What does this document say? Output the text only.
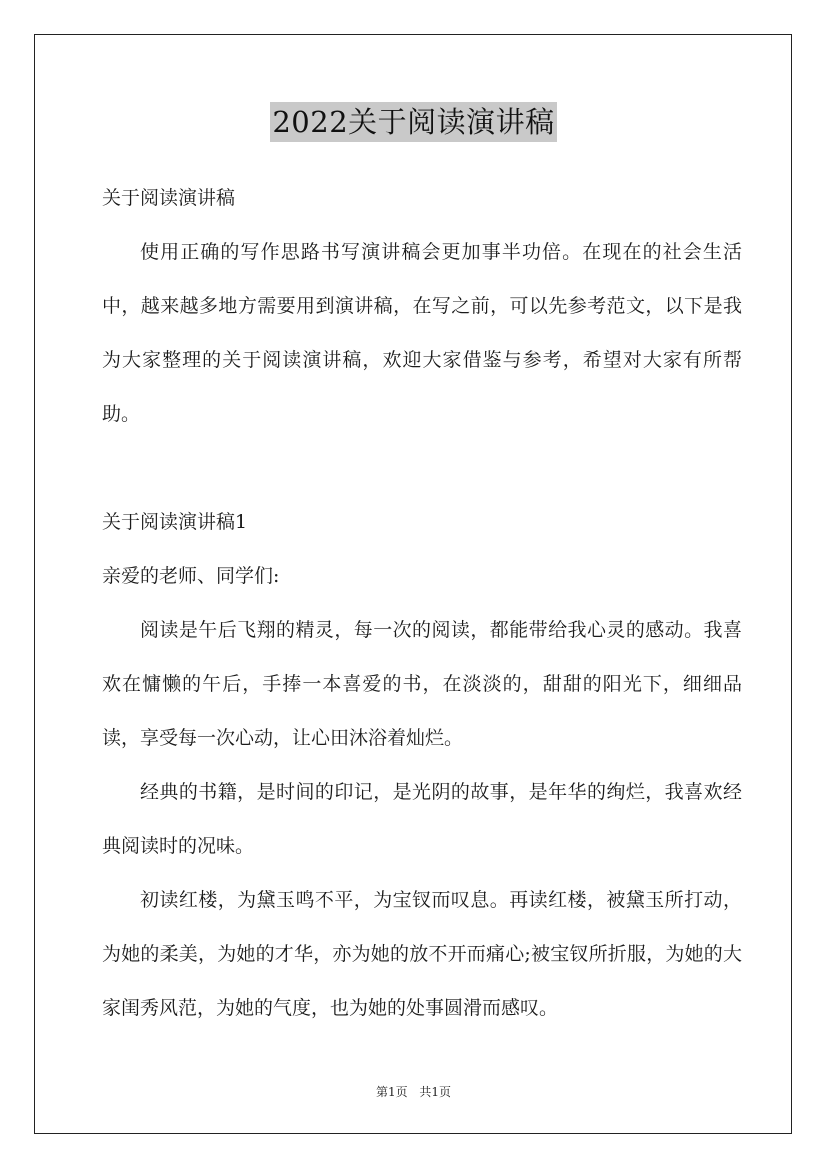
2022关于阅读演讲稿

关于阅读演讲稿

使用正确的写作思路书写演讲稿会更加事半功倍。在现在的社会生活中，越来越多地方需要用到演讲稿，在写之前，可以先参考范文，以下是我为大家整理的关于阅读演讲稿，欢迎大家借鉴与参考，希望对大家有所帮助。

关于阅读演讲稿1

亲爱的老师、同学们:

阅读是午后飞翔的精灵，每一次的阅读，都能带给我心灵的感动。我喜欢在慵懒的午后，手捧一本喜爱的书，在淡淡的，甜甜的阳光下，细细品读，享受每一次心动，让心田沐浴着灿烂。

经典的书籍，是时间的印记，是光阴的故事，是年华的绚烂，我喜欢经典阅读时的况味。

初读红楼，为黛玉鸣不平，为宝钗而叹息。再读红楼，被黛玉所打动，为她的柔美，为她的才华，亦为她的放不开而痛心;被宝钗所折服，为她的大家闺秀风范，为她的气度，也为她的处事圆滑而感叹。

第1页 共1页
